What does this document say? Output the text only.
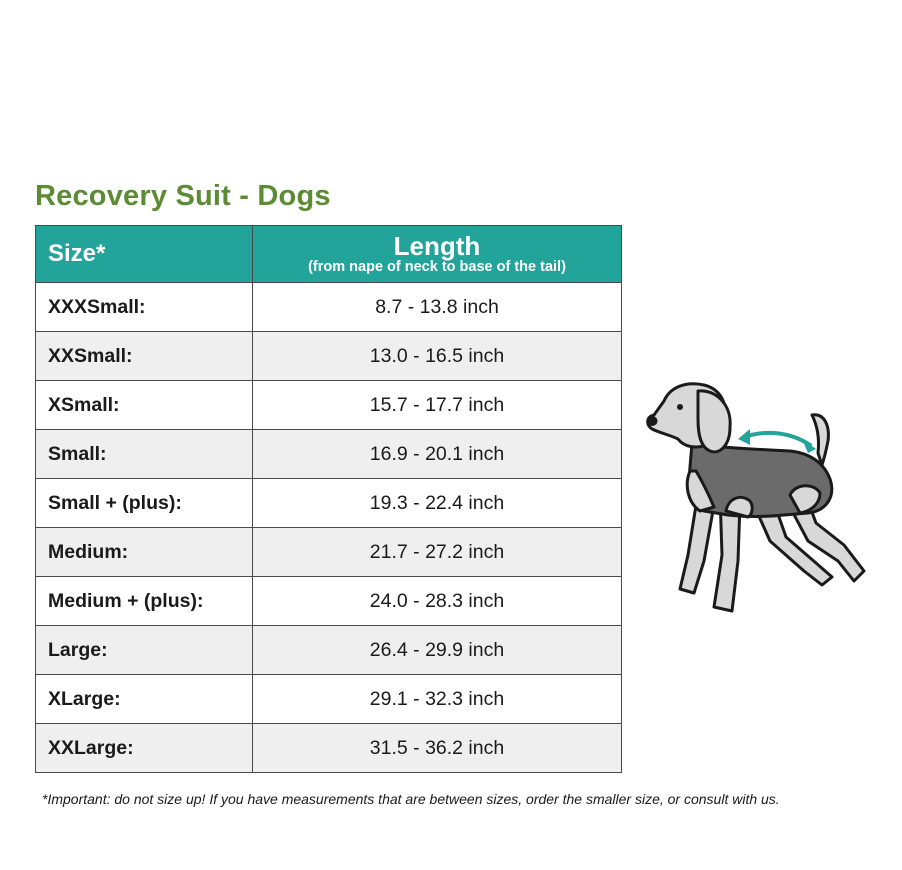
Recovery Suit - Dogs
Size*	Length
(from nape of neck to base of the tail)

XXXSmall:	8.7 - 13.8 inch
XXSmall:	13.0 - 16.5 inch
XSmall:	15.7 - 17.7 inch
Small:	16.9 - 20.1 inch
Small + (plus):	19.3 - 22.4 inch
Medium:	21.7 - 27.2 inch
Medium + (plus):	24.0 - 28.3 inch
Large:	26.4 - 29.9 inch
XLarge:	29.1 - 32.3 inch
XXLarge:	31.5 - 36.2 inch
*Important: do not size up! If you have measurements that are between sizes, order the smaller size, or consult with us.
